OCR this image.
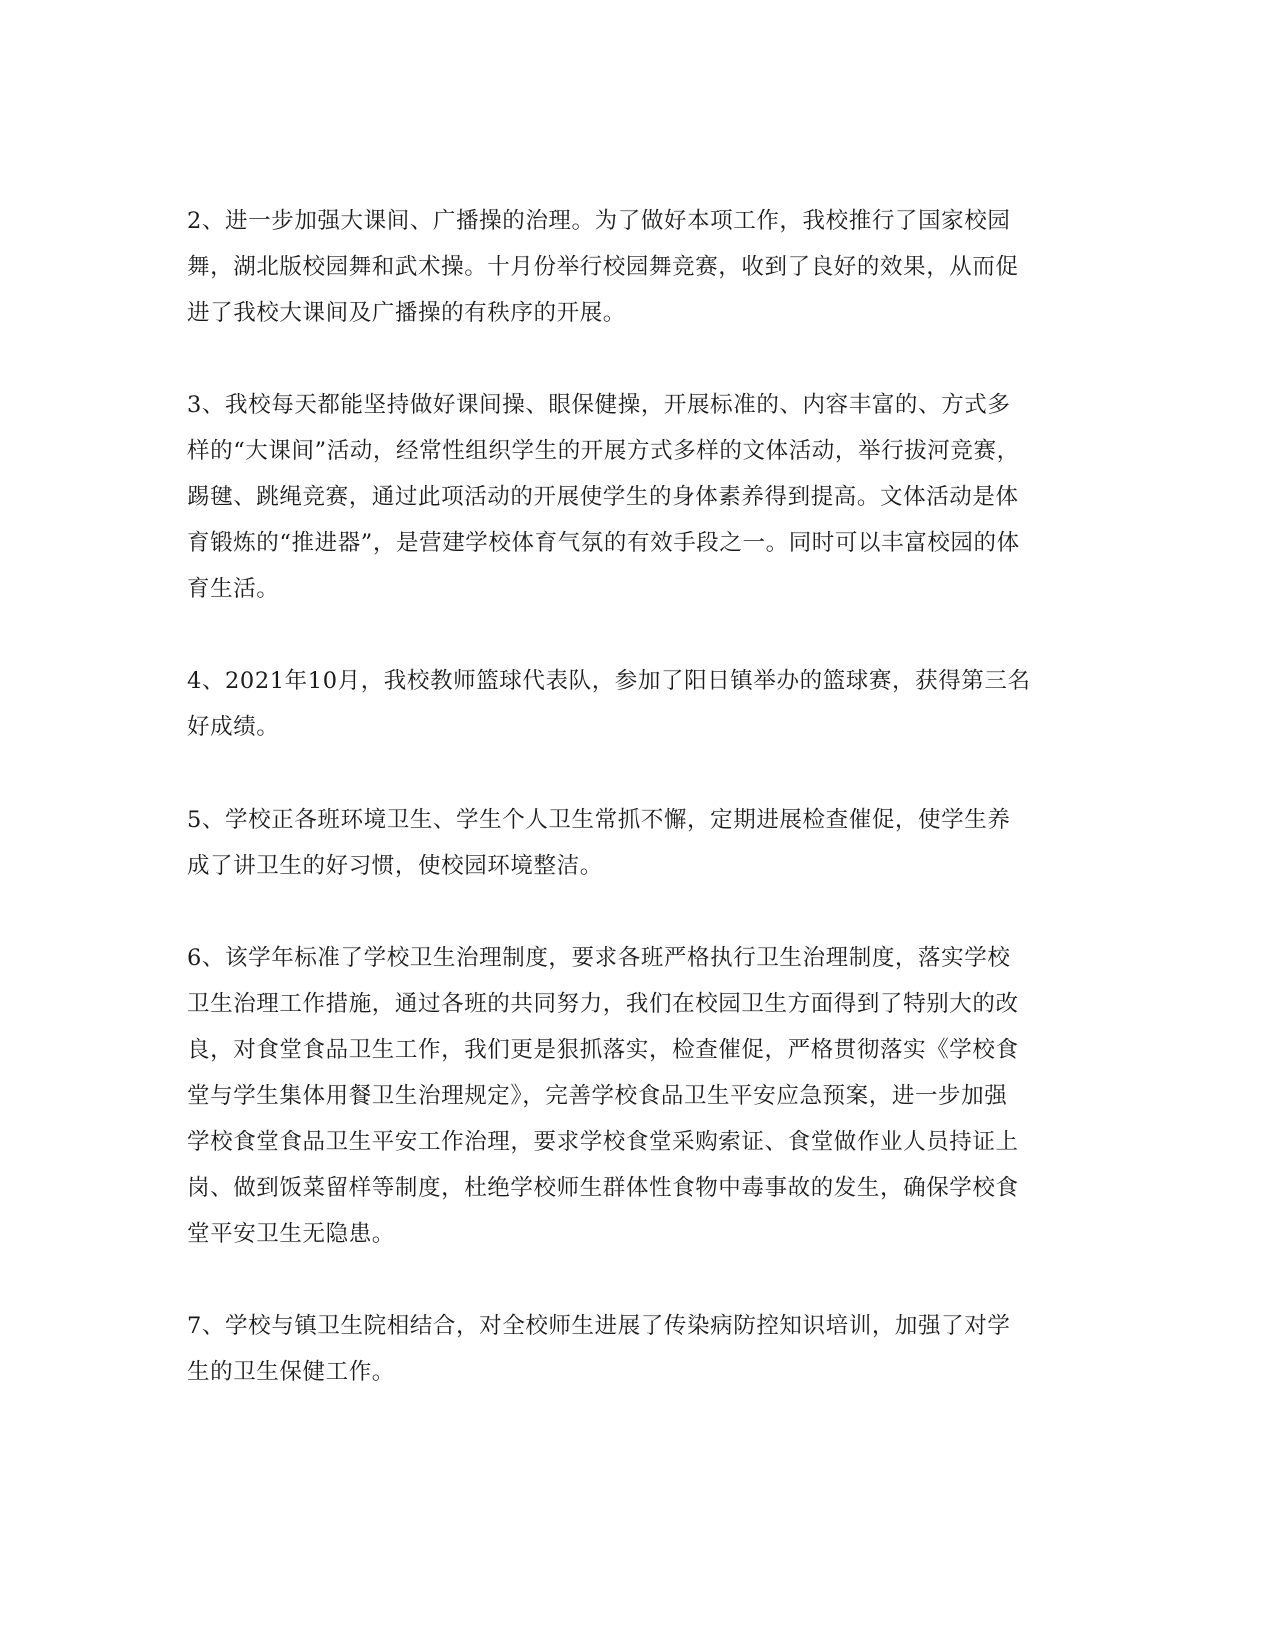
2、进一步加强大课间、广播操的治理。为了做好本项工作，我校推行了国家校园
舞，湖北版校园舞和武术操。十月份举行校园舞竞赛，收到了良好的效果，从而促
进了我校大课间及广播操的有秩序的开展。
3、我校每天都能坚持做好课间操、眼保健操，开展标准的、内容丰富的、方式多
样的“大课间”活动，经常性组织学生的开展方式多样的文体活动，举行拔河竞赛，
踢毽、跳绳竞赛，通过此项活动的开展使学生的身体素养得到提高。文体活动是体
育锻炼的“推进器”，是营建学校体育气氛的有效手段之一。同时可以丰富校园的体
育生活。
4、2021年10月，我校教师篮球代表队，参加了阳日镇举办的篮球赛，获得第三名
好成绩。
5、学校正各班环境卫生、学生个人卫生常抓不懈，定期进展检查催促，使学生养
成了讲卫生的好习惯，使校园环境整洁。
6、该学年标准了学校卫生治理制度，要求各班严格执行卫生治理制度，落实学校
卫生治理工作措施，通过各班的共同努力，我们在校园卫生方面得到了特别大的改
良，对食堂食品卫生工作，我们更是狠抓落实，检查催促，严格贯彻落实《学校食
堂与学生集体用餐卫生治理规定》，完善学校食品卫生平安应急预案，进一步加强
学校食堂食品卫生平安工作治理，要求学校食堂采购索证、食堂做作业人员持证上
岗、做到饭菜留样等制度，杜绝学校师生群体性食物中毒事故的发生，确保学校食
堂平安卫生无隐患。
7、学校与镇卫生院相结合，对全校师生进展了传染病防控知识培训，加强了对学
生的卫生保健工作。
